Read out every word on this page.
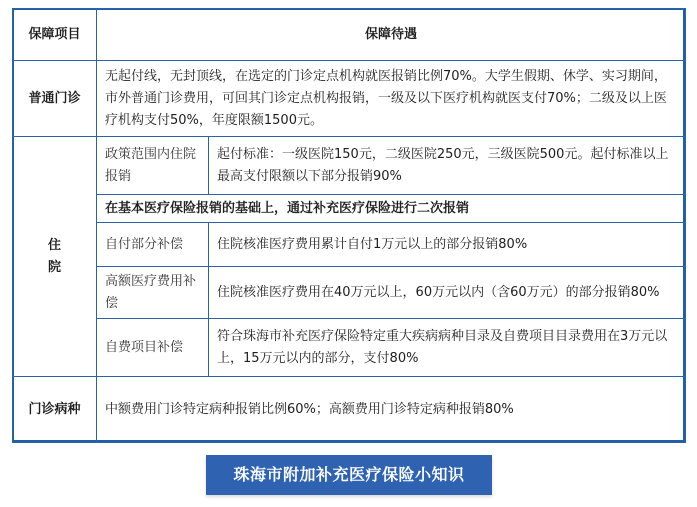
保障项目	保障待遇	
普通门诊	无起付线，无封顶线，在选定的门诊定点机构就医报销比例70%。大学生假期、休学、实习期间，市外普通门诊费用，可回其门诊定点机构报销，一级及以下医疗机构就医支付70%；二级及以上医疗机构支付50%，年度限额1500元。	
住院	政策范围内住院报销	起付标准：一级医院150元，二级医院250元，三级医院500元。起付标准以上最高支付限额以下部分报销90%
	在基本医疗保险报销的基础上，通过补充医疗保险进行二次报销	
	自付部分补偿	住院核准医疗费用累计自付1万元以上的部分报销80%
	高额医疗费用补偿	住院核准医疗费用在40万元以上，60万元以内（含60万元）的部分报销80%
	自费项目补偿	符合珠海市补充医疗保险特定重大疾病病种目录及自费项目目录费用在3万元以上，15万元以内的部分，支付80%
门诊病种	中额费用门诊特定病种报销比例60%；高额费用门诊特定病种报销80%	
珠海市附加补充医疗保险小知识
